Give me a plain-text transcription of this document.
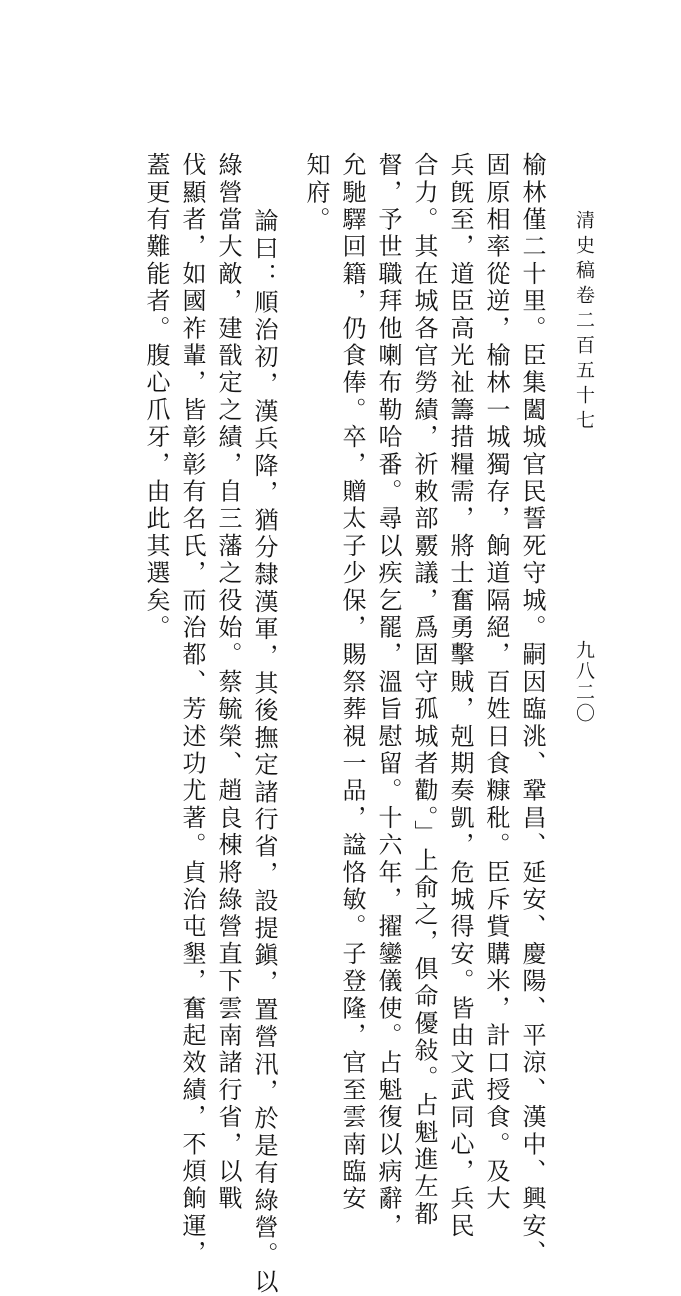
清史稿卷二百五十七
九八二〇
榆林僅二十里。臣集闔城官民誓死守城。嗣因臨洮、鞏昌、延安、慶陽、平涼、漢中、興安、
固原相率從逆，榆林一城獨存，餉道隔絕，百姓日食糠秕。臣斥貲購米，計口授食。及大
兵旣至，道臣高光祉籌措糧需，將士奮勇擊賊，剋期奏凱，危城得安。皆由文武同心，兵民
合力。其在城各官勞績，祈敕部覈議，爲固守孤城者勸。」上俞之，俱命優敍。占魁進左都
督，予世職拜他喇布勒哈番。尋以疾乞罷，溫旨慰留。十六年，擢鑾儀使。占魁復以病辭，
允馳驛回籍，仍食俸。卒，贈太子少保，賜祭葬視一品，諡恪敏。子登隆，官至雲南臨安
知府。
論曰：順治初，漢兵降，猶分隸漢軍，其後撫定諸行省，設提鎭，置營汛，於是有綠營。以
綠營當大敵，建戩定之績，自三藩之役始。蔡毓榮、趙良棟將綠營直下雲南諸行省，以戰
伐顯者，如國祚輩，皆彰彰有名氏，而治都、芳述功尤著。貞治屯墾，奮起效績，不煩餉運，
蓋更有難能者。腹心爪牙，由此其選矣。
